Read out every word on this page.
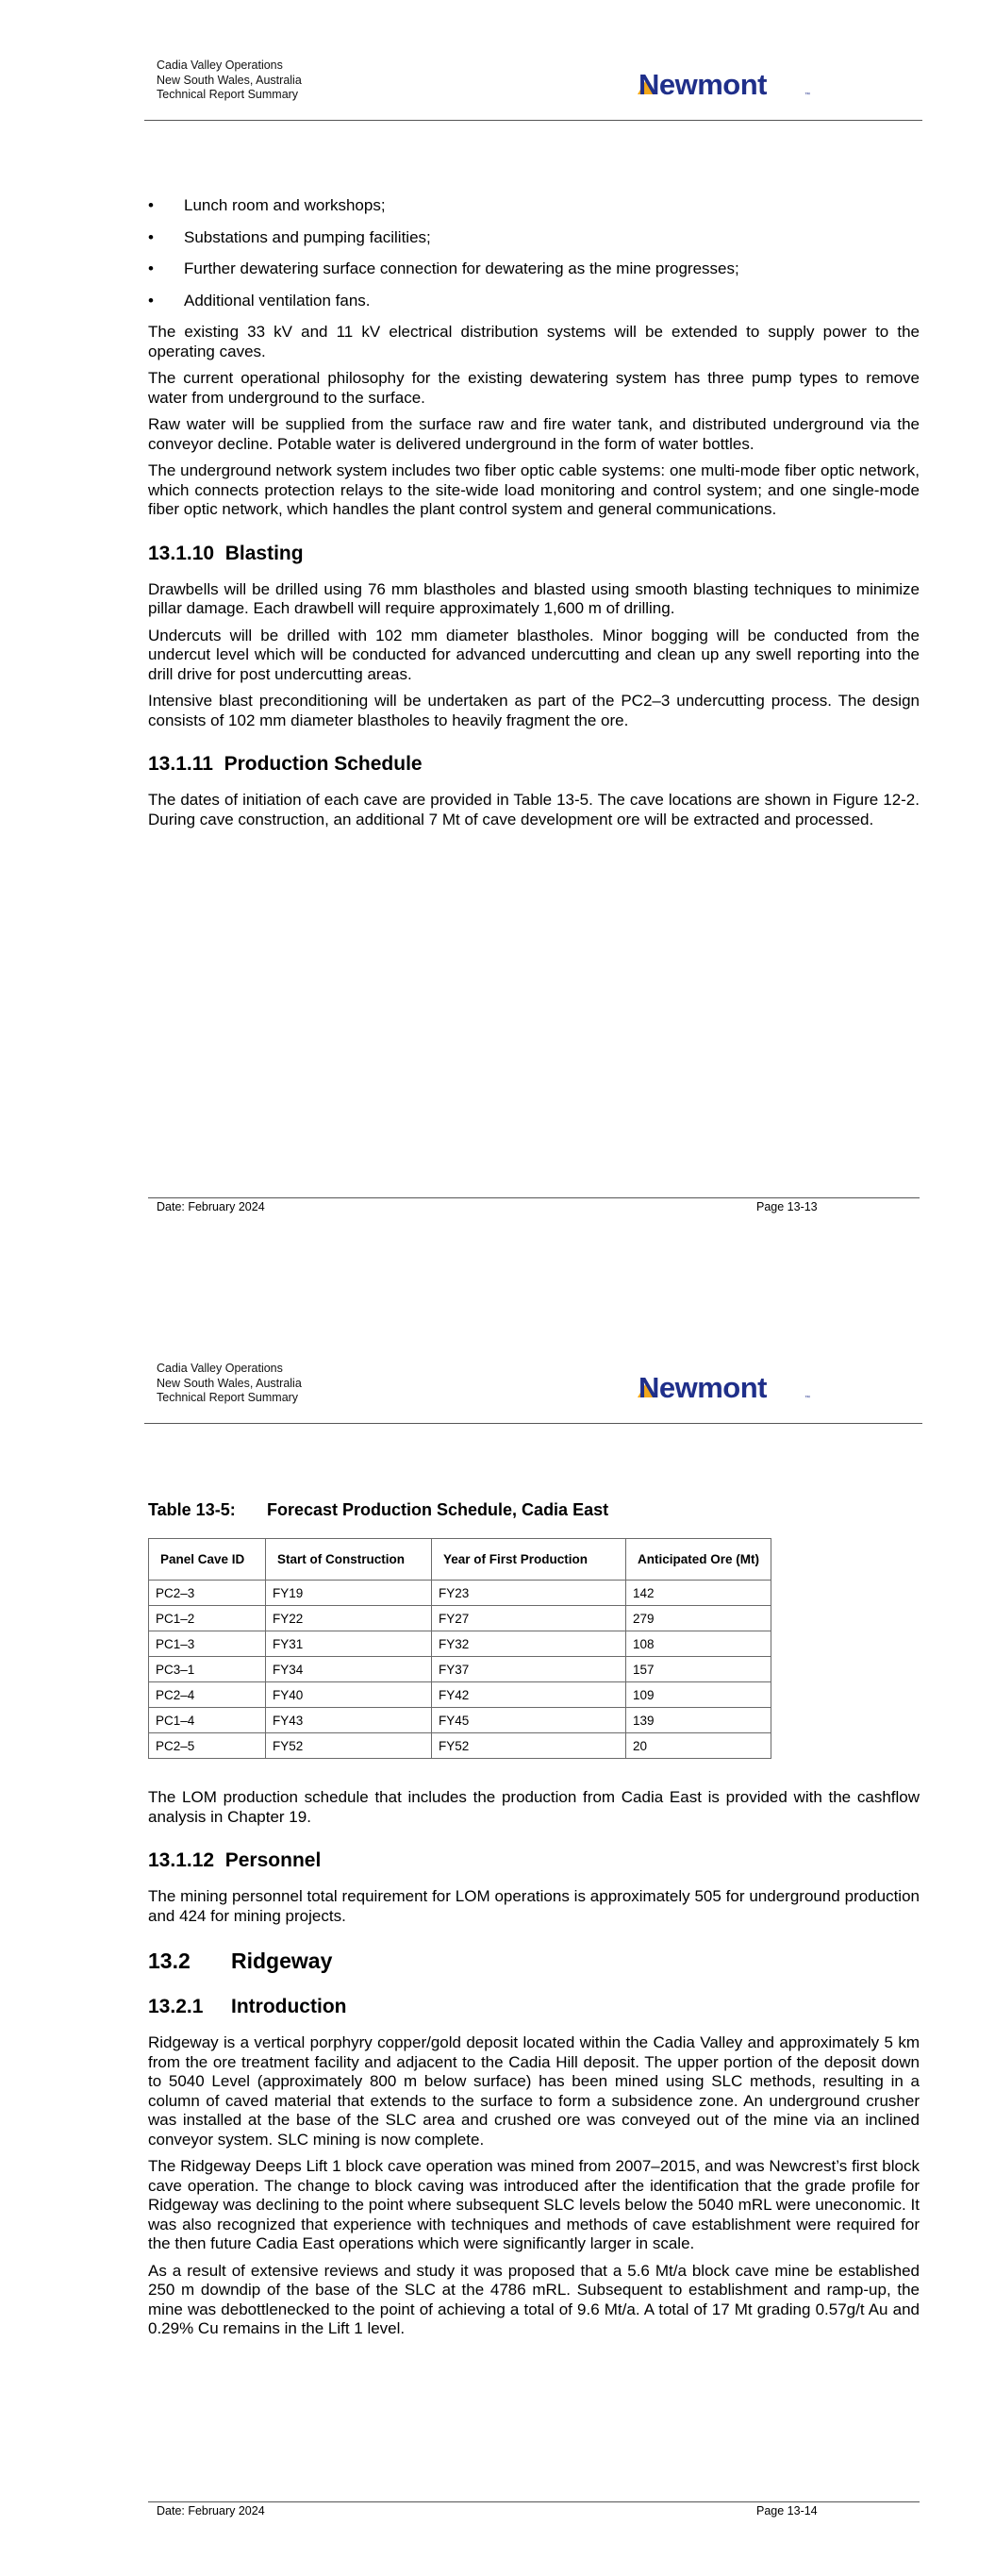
Cadia Valley Operations
New South Wales, Australia
Technical Report Summary	Newmont	™
• Lunch room and workshops;
• Substations and pumping facilities;
• Further dewatering surface connection for dewatering as the mine progresses;
• Additional ventilation fans.

The existing 33 kV and 11 kV electrical distribution systems will be extended to supply power to the operating caves.

The current operational philosophy for the existing dewatering system has three pump types to remove water from underground to the surface.

Raw water will be supplied from the surface raw and fire water tank, and distributed underground via the conveyor decline. Potable water is delivered underground in the form of water bottles.

The underground network system includes two fiber optic cable systems: one multi-mode fiber optic network, which connects protection relays to the site-wide load monitoring and control system; and one single-mode fiber optic network, which handles the plant control system and general communications.

13.1.10 Blasting

Drawbells will be drilled using 76 mm blastholes and blasted using smooth blasting techniques to minimize pillar damage. Each drawbell will require approximately 1,600 m of drilling.

Undercuts will be drilled with 102 mm diameter blastholes. Minor bogging will be conducted from the undercut level which will be conducted for advanced undercutting and clean up any swell reporting into the drill drive for post undercutting areas.

Intensive blast preconditioning will be undertaken as part of the PC2–3 undercutting process. The design consists of 102 mm diameter blastholes to heavily fragment the ore.

13.1.11 Production Schedule

The dates of initiation of each cave are provided in Table 13-5. The cave locations are shown in Figure 12-2. During cave construction, an additional 7 Mt of cave development ore will be extracted and processed.

Date: February 2024	Page 13-13
Cadia Valley Operations
New South Wales, Australia
Technical Report Summary	Newmont	™
Table 13-5: Forecast Production Schedule, Cadia East
Panel Cave ID	Start of Construction	Year of First Production	Anticipated Ore (Mt)
PC2–3	FY19	FY23	142
PC1–2	FY22	FY27	279
PC1–3	FY31	FY32	108
PC3–1	FY34	FY37	157
PC2–4	FY40	FY42	109
PC1–4	FY43	FY45	139
PC2–5	FY52	FY52	20

The LOM production schedule that includes the production from Cadia East is provided with the cashflow analysis in Chapter 19.

13.1.12 Personnel

The mining personnel total requirement for LOM operations is approximately 505 for underground production and 424 for mining projects.

13.2 Ridgeway
13.2.1 Introduction

Ridgeway is a vertical porphyry copper/gold deposit located within the Cadia Valley and approximately 5 km from the ore treatment facility and adjacent to the Cadia Hill deposit. The upper portion of the deposit down to 5040 Level (approximately 800 m below surface) has been mined using SLC methods, resulting in a column of caved material that extends to the surface to form a subsidence zone. An underground crusher was installed at the base of the SLC area and crushed ore was conveyed out of the mine via an inclined conveyor system. SLC mining is now complete.

The Ridgeway Deeps Lift 1 block cave operation was mined from 2007–2015, and was Newcrest’s first block cave operation. The change to block caving was introduced after the identification that the grade profile for Ridgeway was declining to the point where subsequent SLC levels below the 5040 mRL were uneconomic. It was also recognized that experience with techniques and methods of cave establishment were required for the then future Cadia East operations which were significantly larger in scale.

As a result of extensive reviews and study it was proposed that a 5.6 Mt/a block cave mine be established 250 m downdip of the base of the SLC at the 4786 mRL. Subsequent to establishment and ramp-up, the mine was debottlenecked to the point of achieving a total of 9.6 Mt/a. A total of 17 Mt grading 0.57g/t Au and 0.29% Cu remains in the Lift 1 level.

Date: February 2024	Page 13-14
